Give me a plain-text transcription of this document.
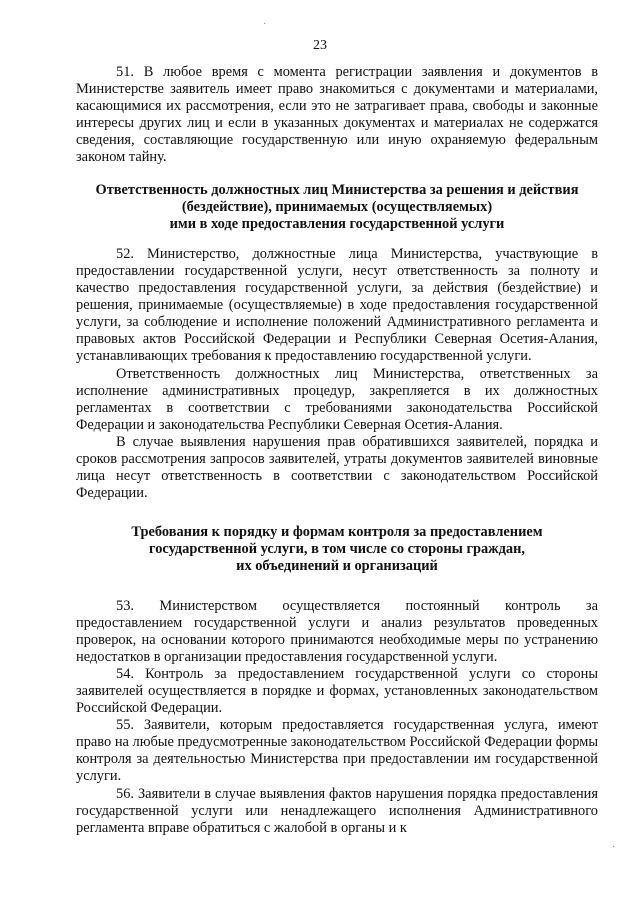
23

51. В любое время с момента регистрации заявления и документов в Министерстве заявитель имеет право знакомиться с документами и материалами, касающимися их рассмотрения, если это не затрагивает права, свободы и законные интересы других лиц и если в указанных документах и материалах не содержатся сведения, составляющие государственную или иную охраняемую федеральным законом тайну.

Ответственность должностных лиц Министерства за решения и действия
(бездействие), принимаемых (осуществляемых)
ими в ходе предоставления государственной услуги

52. Министерство, должностные лица Министерства, участвующие в предоставлении государственной услуги, несут ответственность за полноту и качество предоставления государственной услуги, за действия (бездействие) и решения, принимаемые (осуществляемые) в ходе предоставления государственной услуги, за соблюдение и исполнение положений Административного регламента и правовых актов Российской Федерации и Республики Северная Осетия-Алания, устанавливающих требования к предоставлению государственной услуги.

Ответственность должностных лиц Министерства, ответственных за исполнение административных процедур, закрепляется в их должностных регламентах в соответствии с требованиями законодательства Российской Федерации и законодательства Республики Северная Осетия-Алания.

В случае выявления нарушения прав обратившихся заявителей, порядка и сроков рассмотрения запросов заявителей, утраты документов заявителей виновные лица несут ответственность в соответствии с законодательством Российской Федерации.

Требования к порядку и формам контроля за предоставлением
государственной услуги, в том числе со стороны граждан,
их объединений и организаций

53. Министерством осуществляется постоянный контроль за предоставлением государственной услуги и анализ результатов проведенных проверок, на основании которого принимаются необходимые меры по устранению недостатков в организации предоставления государственной услуги.

54. Контроль за предоставлением государственной услуги со стороны заявителей осуществляется в порядке и формах, установленных законодательством Российской Федерации.

55. Заявители, которым предоставляется государственная услуга, имеют право на любые предусмотренные законодательством Российской Федерации формы контроля за деятельностью Министерства при предоставлении им государственной услуги.

56. Заявители в случае выявления фактов нарушения порядка предоставления государственной услуги или ненадлежащего исполнения Административного регламента вправе обратиться с жалобой в органы и к

·
·
